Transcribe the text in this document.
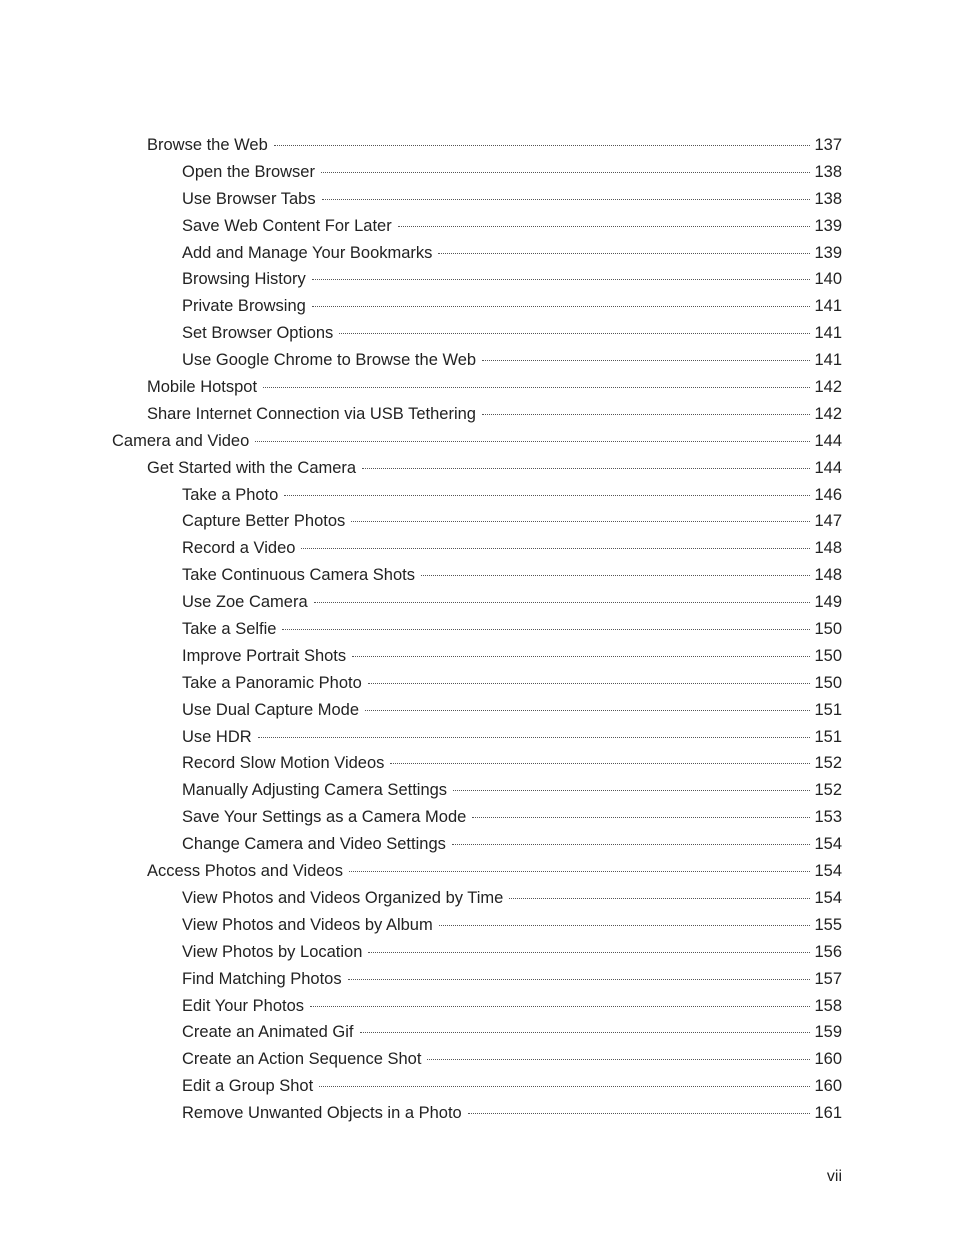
Browse the Web	137
Open the Browser	138
Use Browser Tabs	138
Save Web Content For Later	139
Add and Manage Your Bookmarks	139
Browsing History	140
Private Browsing	141
Set Browser Options	141
Use Google Chrome to Browse the Web	141
Mobile Hotspot	142
Share Internet Connection via USB Tethering	142
Camera and Video	144
Get Started with the Camera	144
Take a Photo	146
Capture Better Photos	147
Record a Video	148
Take Continuous Camera Shots	148
Use Zoe Camera	149
Take a Selfie	150
Improve Portrait Shots	150
Take a Panoramic Photo	150
Use Dual Capture Mode	151
Use HDR	151
Record Slow Motion Videos	152
Manually Adjusting Camera Settings	152
Save Your Settings as a Camera Mode	153
Change Camera and Video Settings	154
Access Photos and Videos	154
View Photos and Videos Organized by Time	154
View Photos and Videos by Album	155
View Photos by Location	156
Find Matching Photos	157
Edit Your Photos	158
Create an Animated Gif	159
Create an Action Sequence Shot	160
Edit a Group Shot	160
Remove Unwanted Objects in a Photo	161
vii
